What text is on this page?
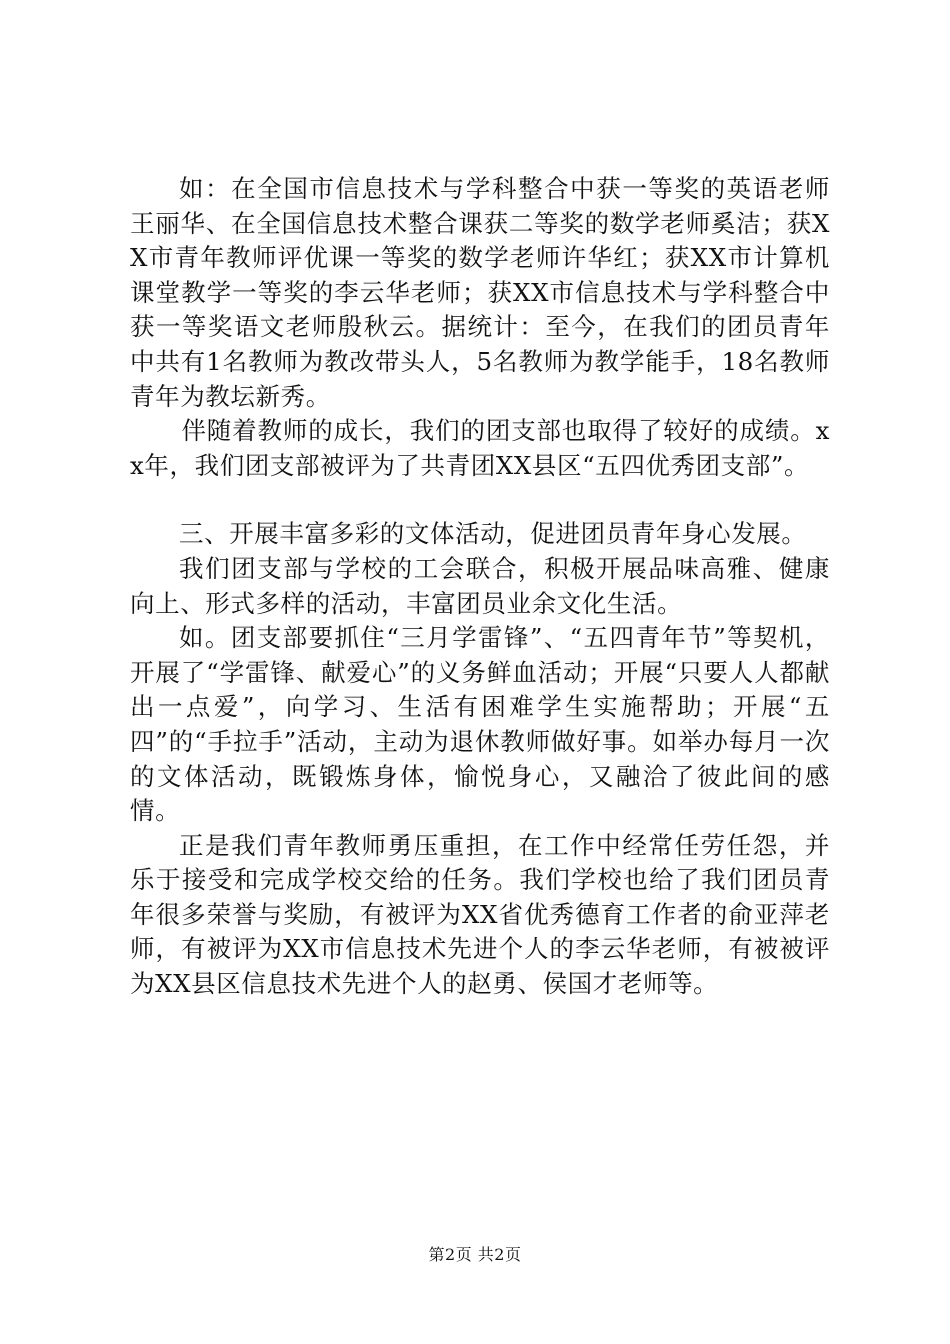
如：在全国市信息技术与学科整合中获一等奖的英语老师王丽华、在全国信息技术整合课获二等奖的数学老师奚洁；获XX市青年教师评优课一等奖的数学老师许华红；获XX市计算机课堂教学一等奖的李云华老师；获XX市信息技术与学科整合中获一等奖语文老师殷秋云。据统计：至今，在我们的团员青年中共有1名教师为教改带头人，5名教师为教学能手，18名教师青年为教坛新秀。

伴随着教师的成长，我们的团支部也取得了较好的成绩。xx年，我们团支部被评为了共青团XX县区“五四优秀团支部”。

三、开展丰富多彩的文体活动，促进团员青年身心发展。

我们团支部与学校的工会联合，积极开展品味高雅、健康向上、形式多样的活动，丰富团员业余文化生活。

如。团支部要抓住“三月学雷锋”、“五四青年节”等契机，开展了“学雷锋、献爱心”的义务鲜血活动；开展“只要人人都献出一点爱”，向学习、生活有困难学生实施帮助；开展“五四”的“手拉手”活动，主动为退休教师做好事。如举办每月一次的文体活动，既锻炼身体，愉悦身心，又融洽了彼此间的感情。

正是我们青年教师勇压重担，在工作中经常任劳任怨，并乐于接受和完成学校交给的任务。我们学校也给了我们团员青年很多荣誉与奖励，有被评为XX省优秀德育工作者的俞亚萍老师，有被评为XX市信息技术先进个人的李云华老师，有被被评为XX县区信息技术先进个人的赵勇、侯国才老师等。

第2页 共2页
